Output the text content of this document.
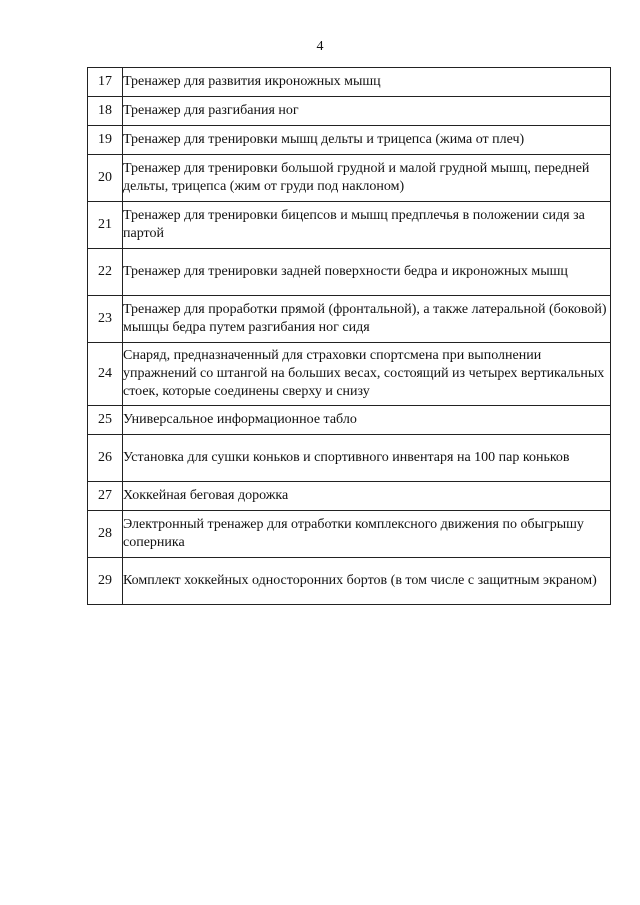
4
17	Тренажер для развития икроножных мышц
18	Тренажер для разгибания ног
19	Тренажер для тренировки мышц дельты и трицепса (жима от плеч)
20	Тренажер для тренировки большой грудной и малой грудной мышц, передней дельты, трицепса (жим от груди под наклоном)
21	Тренажер для тренировки бицепсов и мышц предплечья в положении сидя за партой
22	Тренажер для тренировки задней поверхности бедра и икроножных мышц
23	Тренажер для проработки прямой (фронтальной), а также латеральной (боковой) мышцы бедра путем разгибания ног сидя
24	Снаряд, предназначенный для страховки спортсмена при выполнении упражнений со штангой на больших весах, состоящий из четырех вертикальных стоек, которые соединены сверху и снизу
25	Универсальное информационное табло
26	Установка для сушки коньков и спортивного инвентаря на 100 пар коньков
27	Хоккейная беговая дорожка
28	Электронный тренажер для отработки комплексного движения по обыгрышу соперника
29	Комплект хоккейных односторонних бортов (в том числе с защитным экраном)
